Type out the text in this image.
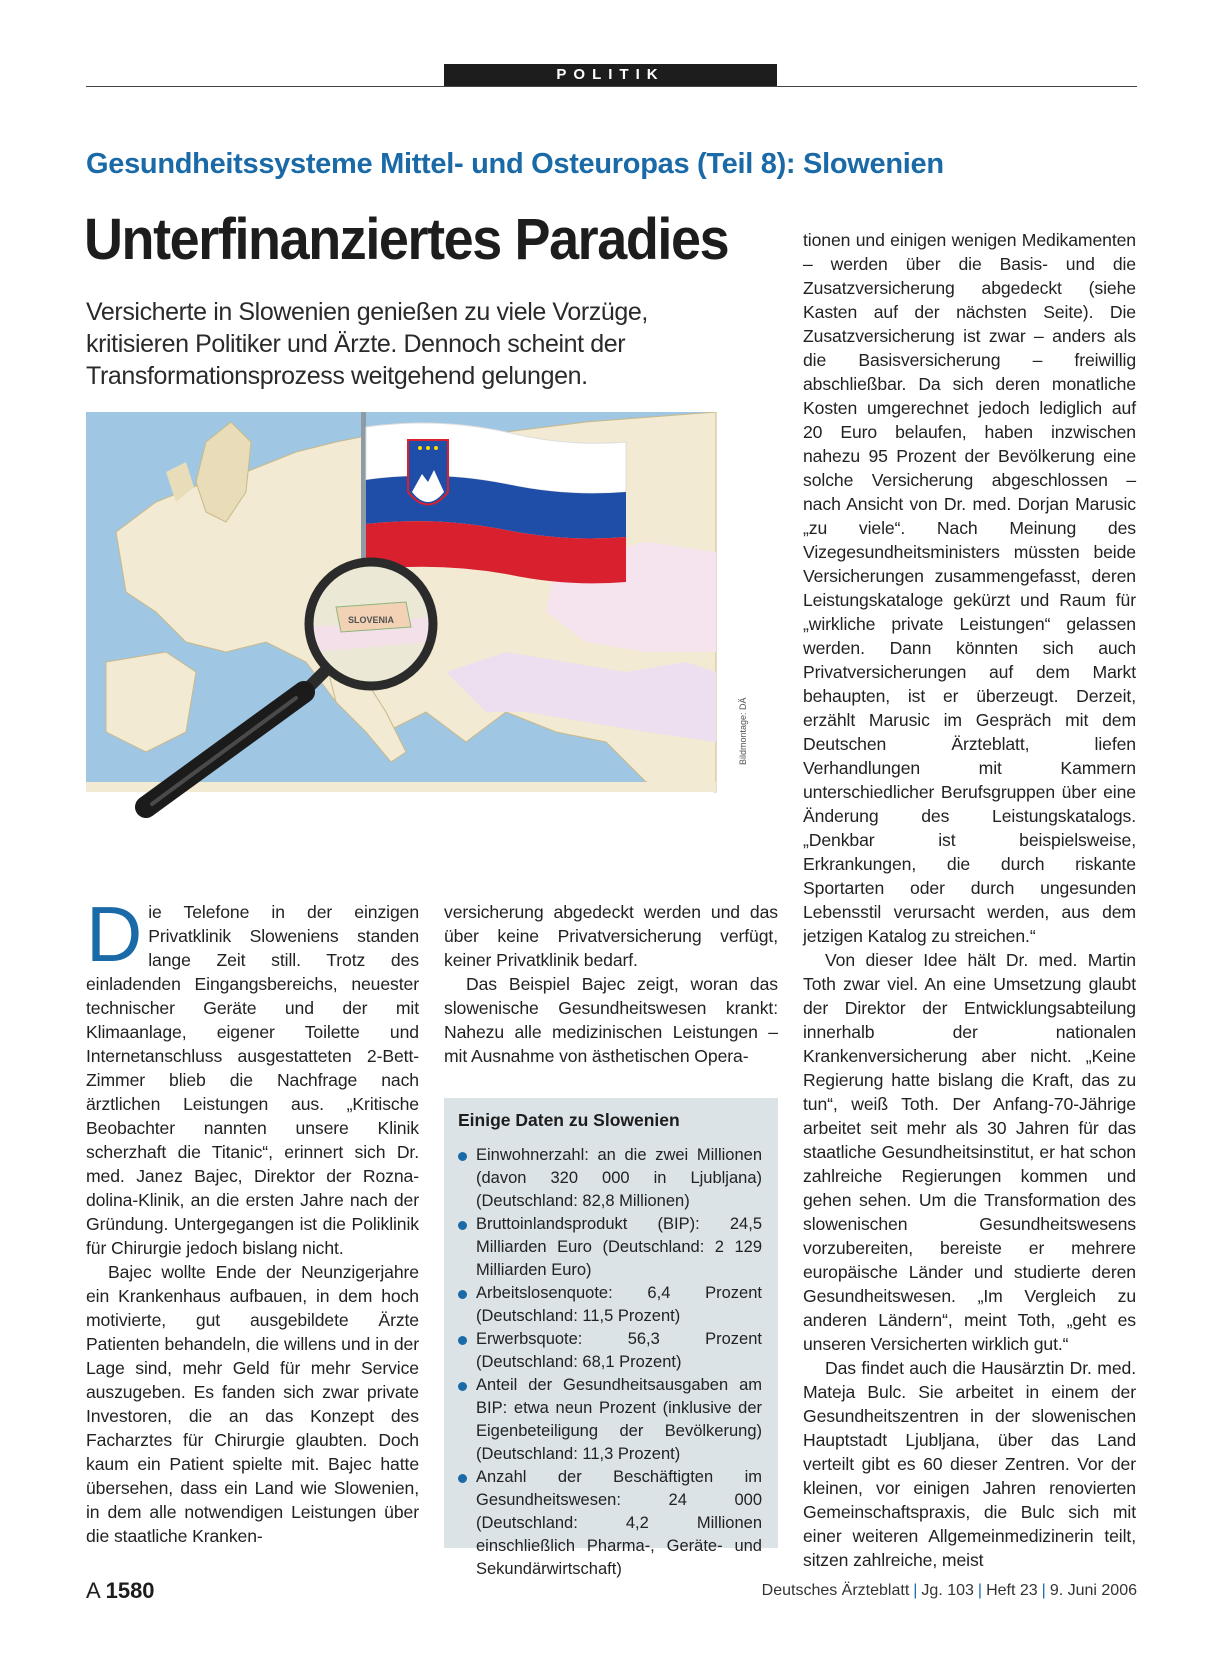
POLITIK
Gesundheitssysteme Mittel- und Osteuropas (Teil 8): Slowenien
Unterfinanziertes Paradies
Versicherte in Slowenien genießen zu viele Vorzüge, kritisieren Politiker und Ärzte. Dennoch scheint der Transformationsprozess weitgehend gelungen.
Bildmontage: DÄ

Die Telefone in der einzigen Privatklinik Sloweniens standen lange Zeit still. Trotz des einladenden Eingangsbereichs, neuester technischer Geräte und der mit Klimaanlage, eigener Toilette und Internetanschluss ausgestatteten 2-Bett-Zimmer blieb die Nachfrage nach ärztlichen Leistungen aus. „Kritische Beobachter nannten unsere Klinik scherzhaft die Titanic“, erinnert sich Dr. med. Janez Bajec, Direktor der Rozna-dolina-Klinik, an die ersten Jahre nach der Gründung. Untergegangen ist die Poliklinik für Chirurgie jedoch bislang nicht.

Bajec wollte Ende der Neunzigerjahre ein Krankenhaus aufbauen, in dem hoch motivierte, gut ausgebildete Ärzte Patienten behandeln, die willens und in der Lage sind, mehr Geld für mehr Service auszugeben. Es fanden sich zwar private Investoren, die an das Konzept des Facharztes für Chirurgie glaubten. Doch kaum ein Patient spielte mit. Bajec hatte übersehen, dass ein Land wie Slowenien, in dem alle notwendigen Leistungen über die staatliche Kranken-

versicherung abgedeckt werden und das über keine Privatversicherung verfügt, keiner Privatklinik bedarf.

Das Beispiel Bajec zeigt, woran das slowenische Gesundheitswesen krankt: Nahezu alle medizinischen Leistungen – mit Ausnahme von ästhetischen Opera-

Einige Daten zu Slowenien
Einwohnerzahl: an die zwei Millionen (davon 320 000 in Ljubljana) (Deutschland: 82,8 Millionen)
Bruttoinlandsprodukt (BIP): 24,5 Milliarden Euro (Deutschland: 2 129 Milliarden Euro)
Arbeitslosenquote: 6,4 Prozent (Deutschland: 11,5 Prozent)
Erwerbsquote: 56,3 Prozent (Deutschland: 68,1 Prozent)
Anteil der Gesundheitsausgaben am BIP: etwa neun Prozent (inklusive der Eigenbeteiligung der Bevölkerung) (Deutschland: 11,3 Prozent)
Anzahl der Beschäftigten im Gesundheitswesen: 24 000 (Deutschland: 4,2 Millionen einschließlich Pharma-, Geräte- und Sekundärwirtschaft)

tionen und einigen wenigen Medikamenten – werden über die Basis- und die Zusatzversicherung abgedeckt (siehe Kasten auf der nächsten Seite). Die Zusatzversicherung ist zwar – anders als die Basisversicherung – freiwillig abschließbar. Da sich deren monatliche Kosten umgerechnet jedoch lediglich auf 20 Euro belaufen, haben inzwischen nahezu 95 Prozent der Bevölkerung eine solche Versicherung abgeschlossen – nach Ansicht von Dr. med. Dorjan Marusic „zu viele“. Nach Meinung des Vizegesundheitsministers müssten beide Versicherungen zusammengefasst, deren Leistungskataloge gekürzt und Raum für „wirkliche private Leistungen“ gelassen werden. Dann könnten sich auch Privatversicherungen auf dem Markt behaupten, ist er überzeugt. Derzeit, erzählt Marusic im Gespräch mit dem Deutschen Ärzteblatt, liefen Verhandlungen mit Kammern unterschiedlicher Berufsgruppen über eine Änderung des Leistungskatalogs. „Denkbar ist beispielsweise, Erkrankungen, die durch riskante Sportarten oder durch ungesunden Lebensstil verursacht werden, aus dem jetzigen Katalog zu streichen.“

Von dieser Idee hält Dr. med. Martin Toth zwar viel. An eine Umsetzung glaubt der Direktor der Entwicklungsabteilung innerhalb der nationalen Krankenversicherung aber nicht. „Keine Regierung hatte bislang die Kraft, das zu tun“, weiß Toth. Der Anfang-70-Jährige arbeitet seit mehr als 30 Jahren für das staatliche Gesundheitsinstitut, er hat schon zahlreiche Regierungen kommen und gehen sehen. Um die Transformation des slowenischen Gesundheitswesens vorzubereiten, bereiste er mehrere europäische Länder und studierte deren Gesundheitswesen. „Im Vergleich zu anderen Ländern“, meint Toth, „geht es unseren Versicherten wirklich gut.“

Das findet auch die Hausärztin Dr. med. Mateja Bulc. Sie arbeitet in einem der Gesundheitszentren in der slowenischen Hauptstadt Ljubljana, über das Land verteilt gibt es 60 dieser Zentren. Vor der kleinen, vor einigen Jahren renovierten Gemeinschaftspraxis, die Bulc sich mit einer weiteren Allgemeinmedizinerin teilt, sitzen zahlreiche, meist

A 1580	Deutsches Ärzteblatt | Jg. 103 | Heft 23 | 9. Juni 2006
